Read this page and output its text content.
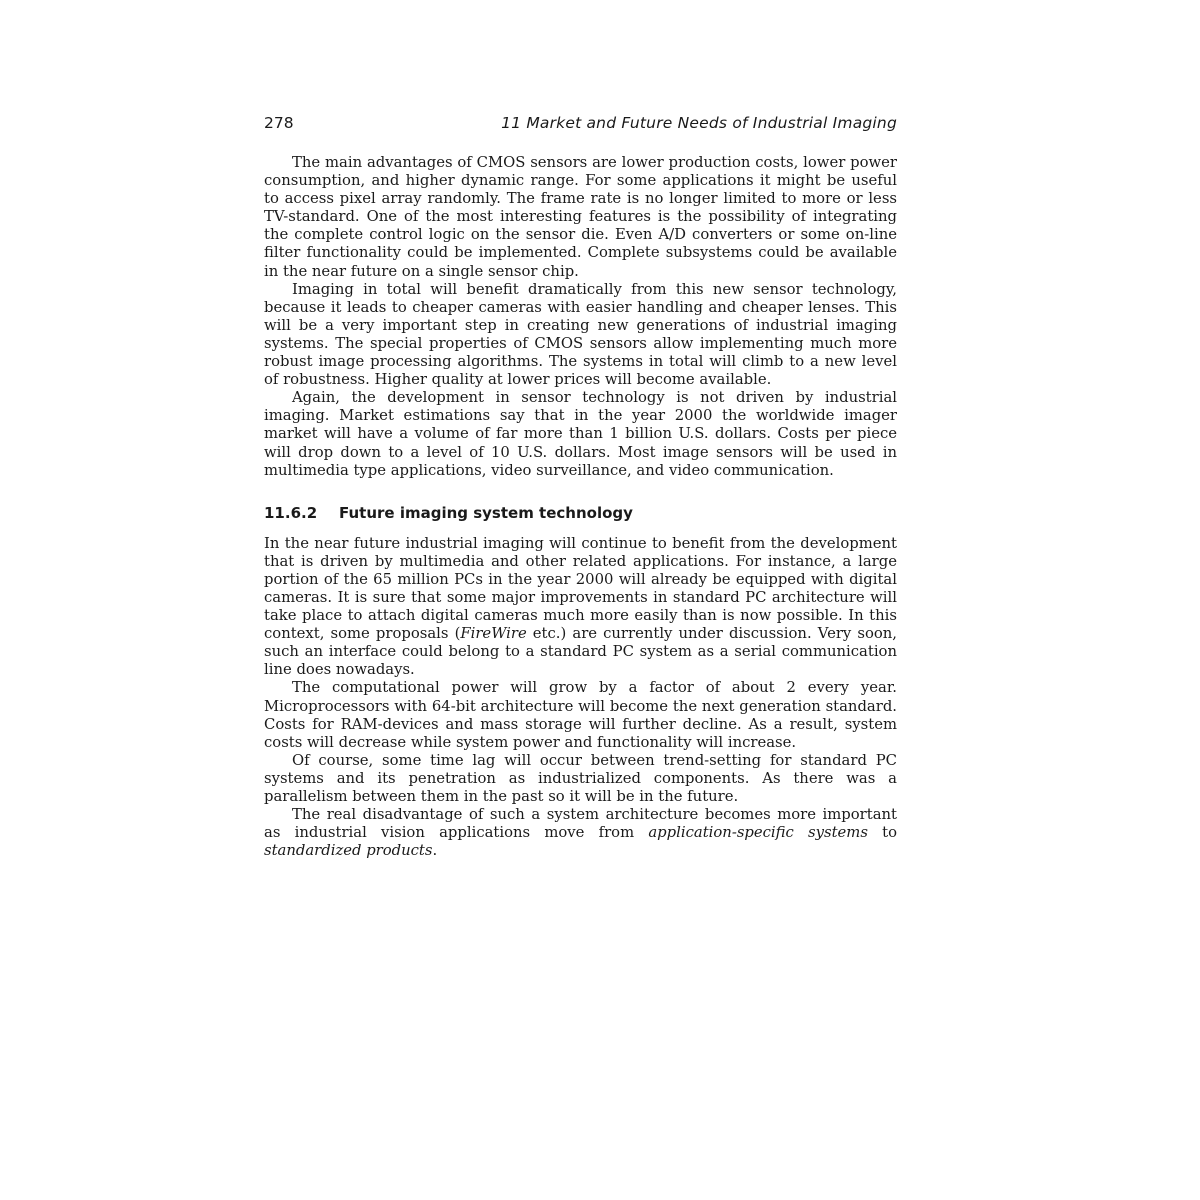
278	11 Market and Future Needs of Industrial Imaging

The main advantages of CMOS sensors are lower production costs, lower power consumption, and higher dynamic range. For some applications it might be useful to access pixel array randomly. The frame rate is no longer limited to more or less TV-standard. One of the most interesting features is the possibility of integrating the complete control logic on the sensor die. Even A/D converters or some on-line filter functionality could be implemented. Complete subsystems could be available in the near future on a single sensor chip.

Imaging in total will benefit dramatically from this new sensor technology, because it leads to cheaper cameras with easier handling and cheaper lenses. This will be a very important step in creating new generations of industrial imaging systems. The special properties of CMOS sensors allow implementing much more robust image processing algorithms. The systems in total will climb to a new level of robustness. Higher quality at lower prices will become available.

Again, the development in sensor technology is not driven by industrial imaging. Market estimations say that in the year 2000 the worldwide imager market will have a volume of far more than 1 billion U.S. dollars. Costs per piece will drop down to a level of 10 U.S. dollars. Most image sensors will be used in multimedia type applications, video surveillance, and video communication.

11.6.2 Future imaging system technology

In the near future industrial imaging will continue to benefit from the development that is driven by multimedia and other related applications. For instance, a large portion of the 65 million PCs in the year 2000 will already be equipped with digital cameras. It is sure that some major improvements in standard PC architecture will take place to attach digital cameras much more easily than is now possible. In this context, some proposals (FireWire etc.) are currently under discussion. Very soon, such an interface could belong to a standard PC system as a serial communication line does nowadays.

The computational power will grow by a factor of about 2 every year. Microprocessors with 64-bit architecture will become the next generation standard. Costs for RAM-devices and mass storage will further decline. As a result, system costs will decrease while system power and functionality will increase.

Of course, some time lag will occur between trend-setting for standard PC systems and its penetration as industrialized components. As there was a parallelism between them in the past so it will be in the future.

The real disadvantage of such a system architecture becomes more important as industrial vision applications move from application-specific systems to standardized products.
